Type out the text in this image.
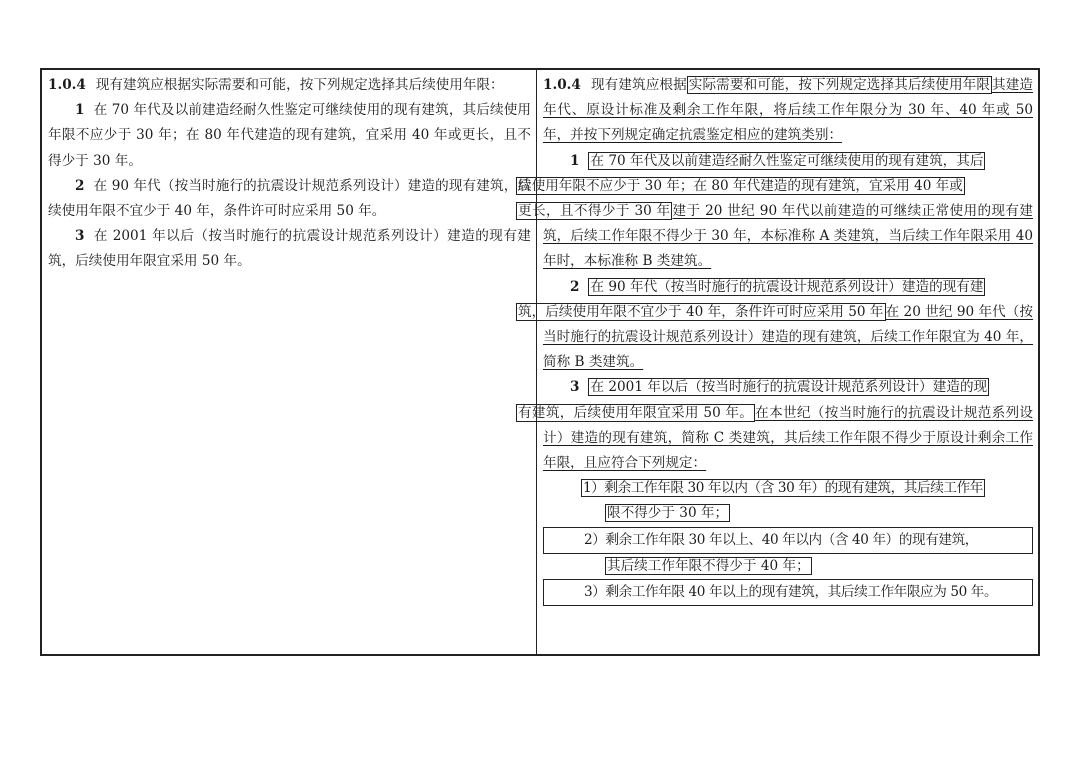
1.0.4 现有建筑应根据实际需要和可能，按下列规定选择其后续使用年限：

1 在 70 年代及以前建造经耐久性鉴定可继续使用的现有建筑，其后续使用年限不应少于 30 年；在 80 年代建造的现有建筑，宜采用 40 年或更长，且不得少于 30 年。

2 在 90 年代（按当时施行的抗震设计规范系列设计）建造的现有建筑，后续使用年限不宜少于 40 年，条件许可时应采用 50 年。

3 在 2001 年以后（按当时施行的抗震设计规范系列设计）建造的现有建筑，后续使用年限宜采用 50 年。

1.0.4 现有建筑应根据 实际需要和可能，按下列规定选择其后续使用年限 其建造年代、原设计标准及剩余工作年限，将后续工作年限分为 30 年、40 年或 50 年，并按下列规定确定抗震鉴定相应的建筑类别：

1 在 70 年代及以前建造经耐久性鉴定可继续使用的现有建筑，其后
续使用年限不应少于 30 年；在 80 年代建造的现有建筑，宜采用 40 年或
更长，且不得少于 30 年 建于 20 世纪 90 年代以前建造的可继续正常使用的现有建筑，后续工作年限不得少于 30 年，本标准称 A 类建筑，当后续工作年限采用 40 年时，本标准称 B 类建筑。

2 在 90 年代（按当时施行的抗震设计规范系列设计）建造的现有建
筑，后续使用年限不宜少于 40 年，条件许可时应采用 50 年 在 20 世纪 90 年代（按当时施行的抗震设计规范系列设计）建造的现有建筑，后续工作年限宜为 40 年，简称 B 类建筑。

3 在 2001 年以后（按当时施行的抗震设计规范系列设计）建造的现
有建筑，后续使用年限宜采用 50 年。 在本世纪（按当时施行的抗震设计规范系列设计）建造的现有建筑，简称 C 类建筑，其后续工作年限不得少于原设计剩余工作年限，且应符合下列规定：

1）剩余工作年限 30 年以内（含 30 年）的现有建筑，其后续工作年

限不得少于 30 年；

2）剩余工作年限 30 年以上、40 年以内（含 40 年）的现有建筑，

其后续工作年限不得少于 40 年；

3）剩余工作年限 40 年以上的现有建筑，其后续工作年限应为 50 年。
